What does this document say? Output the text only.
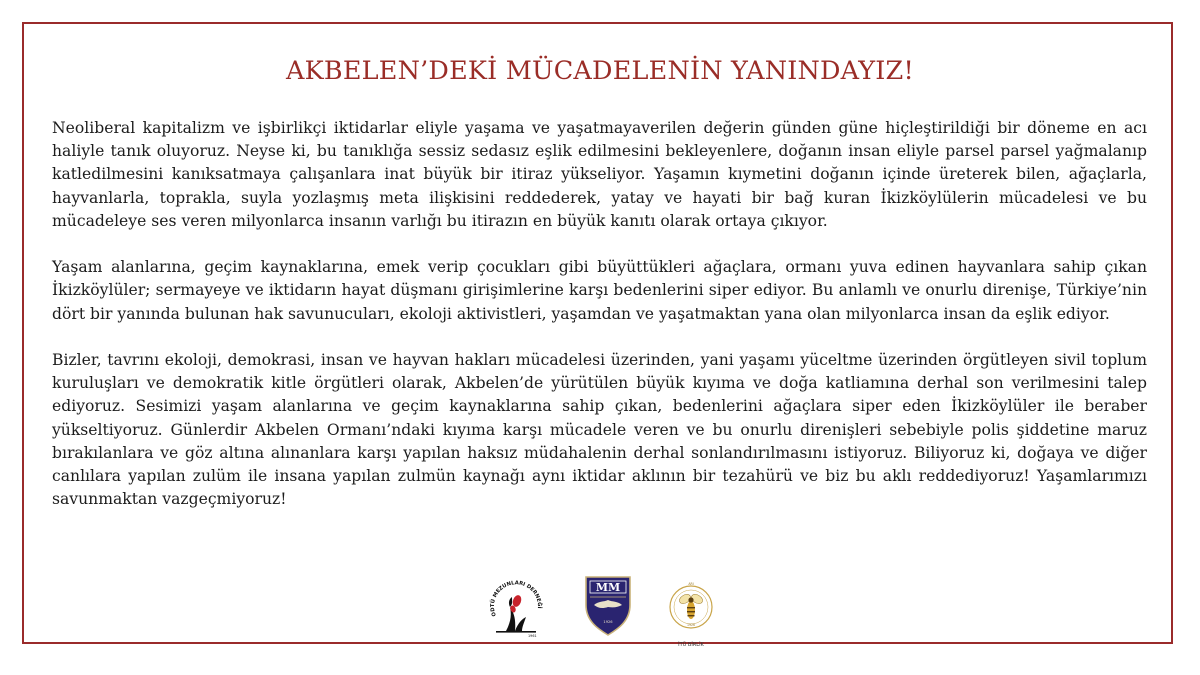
AKBELEN’DEKİ MÜCADELENİN YANINDAYIZ!

Neoliberal kapitalizm ve işbirlikçi iktidarlar eliyle yaşama ve yaşatmayaverilen değerin günden güne hiçleştirildiği bir döneme en acı haliyle tanık oluyoruz. Neyse ki, bu tanıklığa sessiz sedasız eşlik edilmesini bekleyenlere, doğanın insan eliyle parsel parsel yağmalanıp katledilmesini kanıksatmaya çalışanlara inat büyük bir itiraz yükseliyor. Yaşamın kıymetini doğanın içinde üreterek bilen, ağaçlarla, hayvanlarla, toprakla, suyla yozlaşmış meta ilişkisini reddederek, yatay ve hayati bir bağ kuran İkizköylülerin mücadelesi ve bu mücadeleye ses veren milyonlarca insanın varlığı bu itirazın en büyük kanıtı olarak ortaya çıkıyor.

Yaşam alanlarına, geçim kaynaklarına, emek verip çocukları gibi büyüttükleri ağaçlara, ormanı yuva edinen hayvanlara sahip çıkan İkizköylüler; sermayeye ve iktidarın hayat düşmanı girişimlerine karşı bedenlerini siper ediyor. Bu anlamlı ve onurlu direnişe, Türkiye’nin dört bir yanında bulunan hak savunucuları, ekoloji aktivistleri, yaşamdan ve yaşatmaktan yana olan milyonlarca insan da eşlik ediyor.

Bizler, tavrını ekoloji, demokrasi, insan ve hayvan hakları mücadelesi üzerinden, yani yaşamı yüceltme üzerinden örgütleyen sivil toplum kuruluşları ve demokratik kitle örgütleri olarak, Akbelen’de yürütülen büyük kıyıma ve doğa katliamına derhal son verilmesini talep ediyoruz. Sesimizi yaşam alanlarına ve geçim kaynaklarına sahip çıkan, bedenlerini ağaçlara siper eden İkizköylüler ile beraber yükseltiyoruz. Günlerdir Akbelen Ormanı’ndaki kıyıma karşı mücadele veren ve bu onurlu direnişleri sebebiyle polis şiddetine maruz bırakılanlara ve göz altına alınanlara karşı yapılan haksız müdahalenin derhal sonlandırılmasını istiyoruz. Biliyoruz ki, doğaya ve diğer canlılara yapılan zulüm ile insana yapılan zulmün kaynağı aynı iktidar aklının bir tezahürü ve biz bu aklı reddediyoruz! Yaşamlarımızı savunmaktan vazgeçmiyoruz!

ODTÜ MEZUNLARI DERNEĞİ
1961
MM
1926
ARI
1926
İTÜ BİRLİK
